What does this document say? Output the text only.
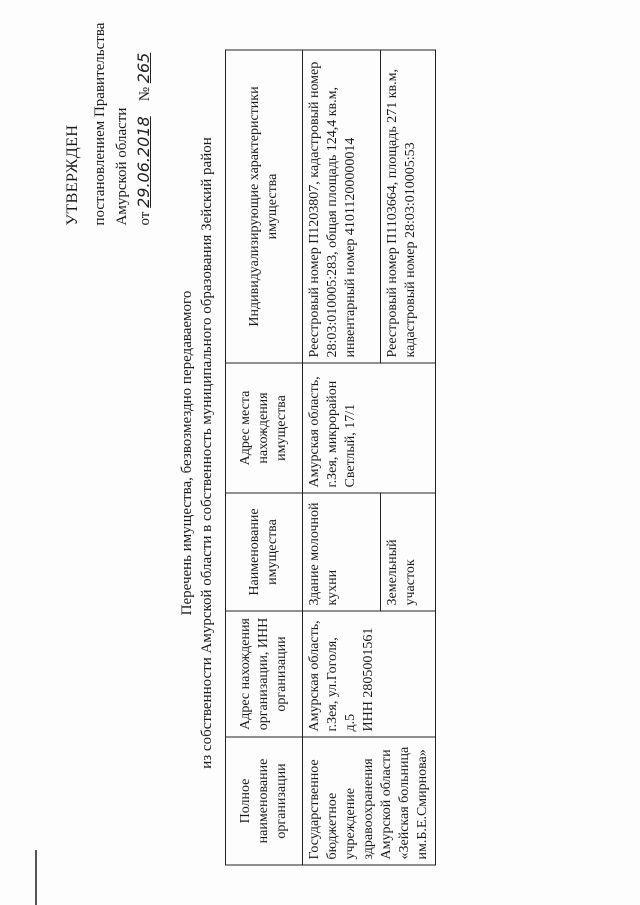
УТВЕРЖДЕН постановлением Правительства Амурской области от 29.06.2018    № 265
Перечень имущества, безвозмездно передаваемого из собственности Амурской области в собственность муниципального образования Зейский район
Полное наименование организации	Адрес нахождения организации, ИНН организации	Наименование имущества	Адрес места нахождения имущества	Индивидуализирующие характеристики имущества
Государственное бюджетное учреждение здравоохранения Амурской области «Зейская больница им.Б.Е.Смирнова»	Амурская область, г.Зея, ул.Гоголя, д.5 ИНН 2805001561	Здание молочной кухни	Амурская область, г.Зея, микрорайон Светлый, 17/1	Реестровый номер П1203807, кадастровый номер 28:03:010005:283, общая площадь 124,4 кв.м, инвентарный номер 41011200000014
		Земельный участок		Реестровый номер П1103664, площадь 271 кв.м, кадастровый номер 28:03:010005:53
